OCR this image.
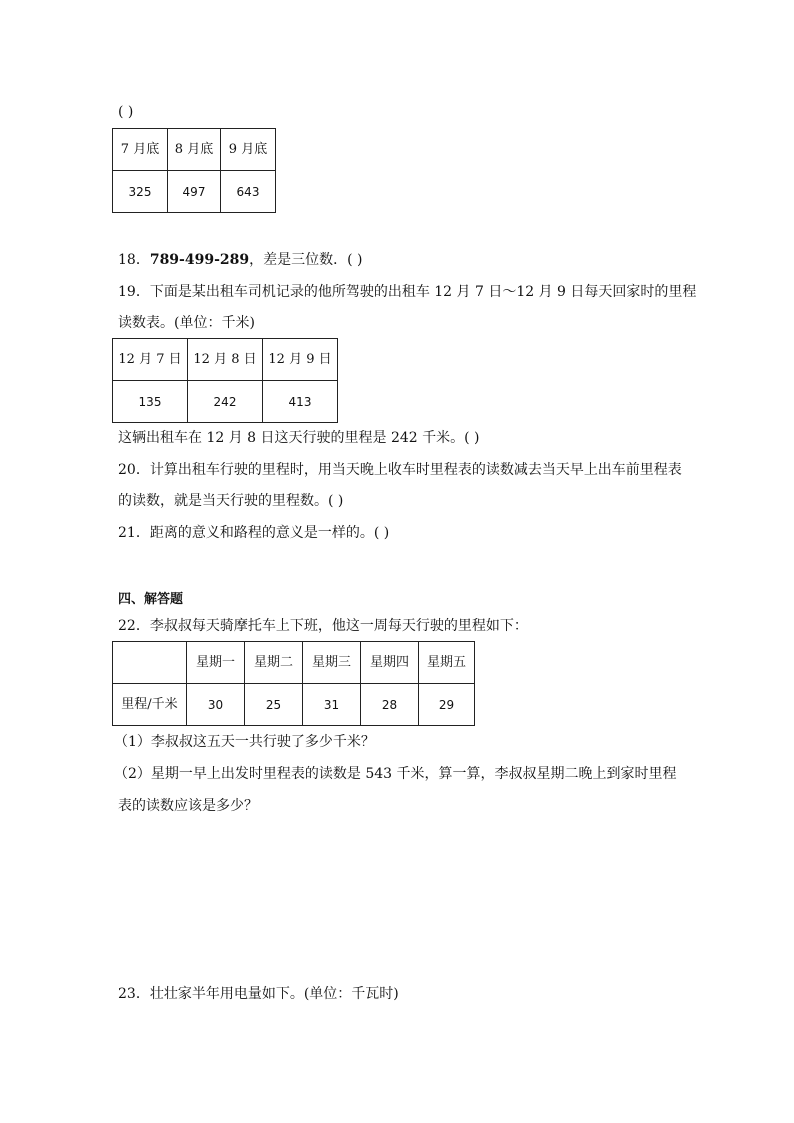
( )
7 月底	8 月底	9 月底
325	497	643
18．789-499-289，差是三位数．( )
19．下面是某出租车司机记录的他所驾驶的出租车 12 月 7 日～12 月 9 日每天回家时的里程
读数表。(单位：千米)
12 月 7 日	12 月 8 日	12 月 9 日
135	242	413
这辆出租车在 12 月 8 日这天行驶的里程是 242 千米。( )
20．计算出租车行驶的里程时，用当天晚上收车时里程表的读数减去当天早上出车前里程表
的读数，就是当天行驶的里程数。( )
21．距离的意义和路程的意义是一样的。( )
四、解答题
22．李叔叔每天骑摩托车上下班，他这一周每天行驶的里程如下：
	星期一	星期二	星期三	星期四	星期五
里程/千米	30	25	31	28	29
（1）李叔叔这五天一共行驶了多少千米？
（2）星期一早上出发时里程表的读数是 543 千米，算一算，李叔叔星期二晚上到家时里程
表的读数应该是多少？
23．壮壮家半年用电量如下。(单位：千瓦时)
